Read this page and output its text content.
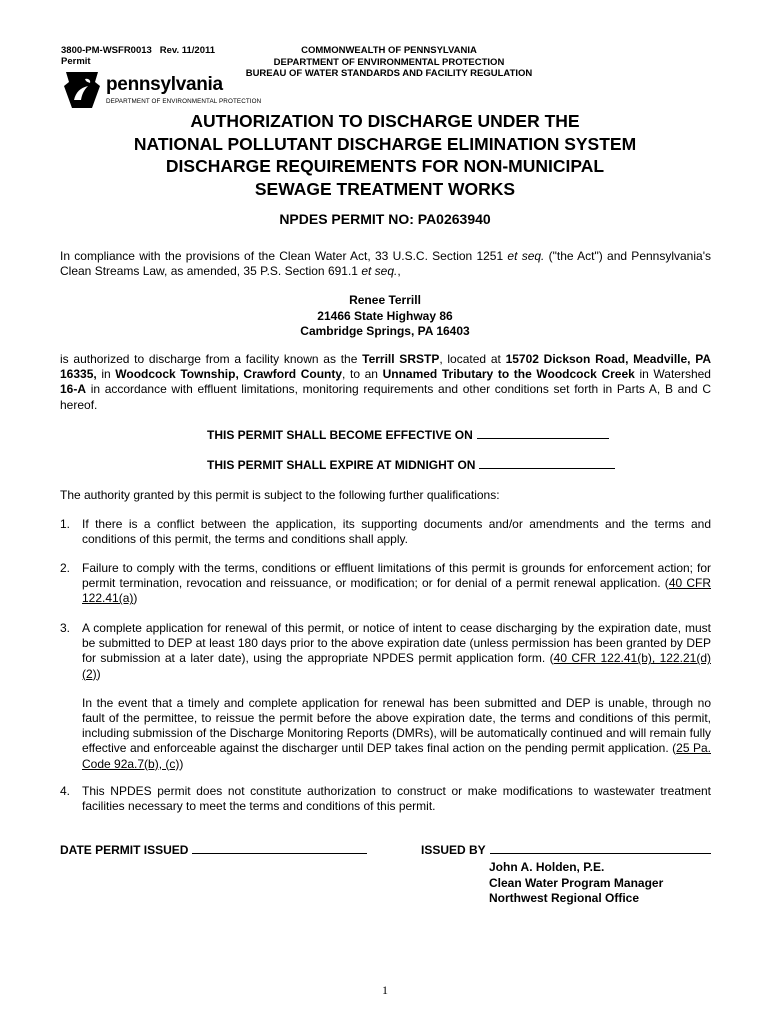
3800-PM-WSFR0013   Rev. 11/2011
Permit
COMMONWEALTH OF PENNSYLVANIA
DEPARTMENT OF ENVIRONMENTAL PROTECTION
BUREAU OF WATER STANDARDS AND FACILITY REGULATION
pennsylvania
DEPARTMENT OF ENVIRONMENTAL PROTECTION
AUTHORIZATION TO DISCHARGE UNDER THE
NATIONAL POLLUTANT DISCHARGE ELIMINATION SYSTEM
DISCHARGE REQUIREMENTS FOR NON-MUNICIPAL
SEWAGE TREATMENT WORKS
NPDES PERMIT NO: PA0263940
In compliance with the provisions of the Clean Water Act, 33 U.S.C. Section 1251 et seq. ("the Act") and Pennsylvania's Clean Streams Law, as amended, 35 P.S. Section 691.1 et seq.,
Renee Terrill
21466 State Highway 86
Cambridge Springs, PA 16403
is authorized to discharge from a facility known as the Terrill SRSTP, located at 15702 Dickson Road, Meadville, PA 16335, in Woodcock Township, Crawford County, to an Unnamed Tributary to the Woodcock Creek in Watershed 16-A in accordance with effluent limitations, monitoring requirements and other conditions set forth in Parts A, B and C hereof.
THIS PERMIT SHALL BECOME EFFECTIVE ON
THIS PERMIT SHALL EXPIRE AT MIDNIGHT ON
The authority granted by this permit is subject to the following further qualifications:
1. If there is a conflict between the application, its supporting documents and/or amendments and the terms and conditions of this permit, the terms and conditions shall apply.
2. Failure to comply with the terms, conditions or effluent limitations of this permit is grounds for enforcement action; for permit termination, revocation and reissuance, or modification; or for denial of a permit renewal application. (40 CFR 122.41(a))
3. A complete application for renewal of this permit, or notice of intent to cease discharging by the expiration date, must be submitted to DEP at least 180 days prior to the above expiration date (unless permission has been granted by DEP for submission at a later date), using the appropriate NPDES permit application form. (40 CFR 122.41(b), 122.21(d)(2))
In the event that a timely and complete application for renewal has been submitted and DEP is unable, through no fault of the permittee, to reissue the permit before the above expiration date, the terms and conditions of this permit, including submission of the Discharge Monitoring Reports (DMRs), will be automatically continued and will remain fully effective and enforceable against the discharger until DEP takes final action on the pending permit application. (25 Pa. Code 92a.7(b), (c))
4. This NPDES permit does not constitute authorization to construct or make modifications to wastewater treatment facilities necessary to meet the terms and conditions of this permit.
DATE PERMIT ISSUED	ISSUED BY
John A. Holden, P.E.
Clean Water Program Manager
Northwest Regional Office
1
